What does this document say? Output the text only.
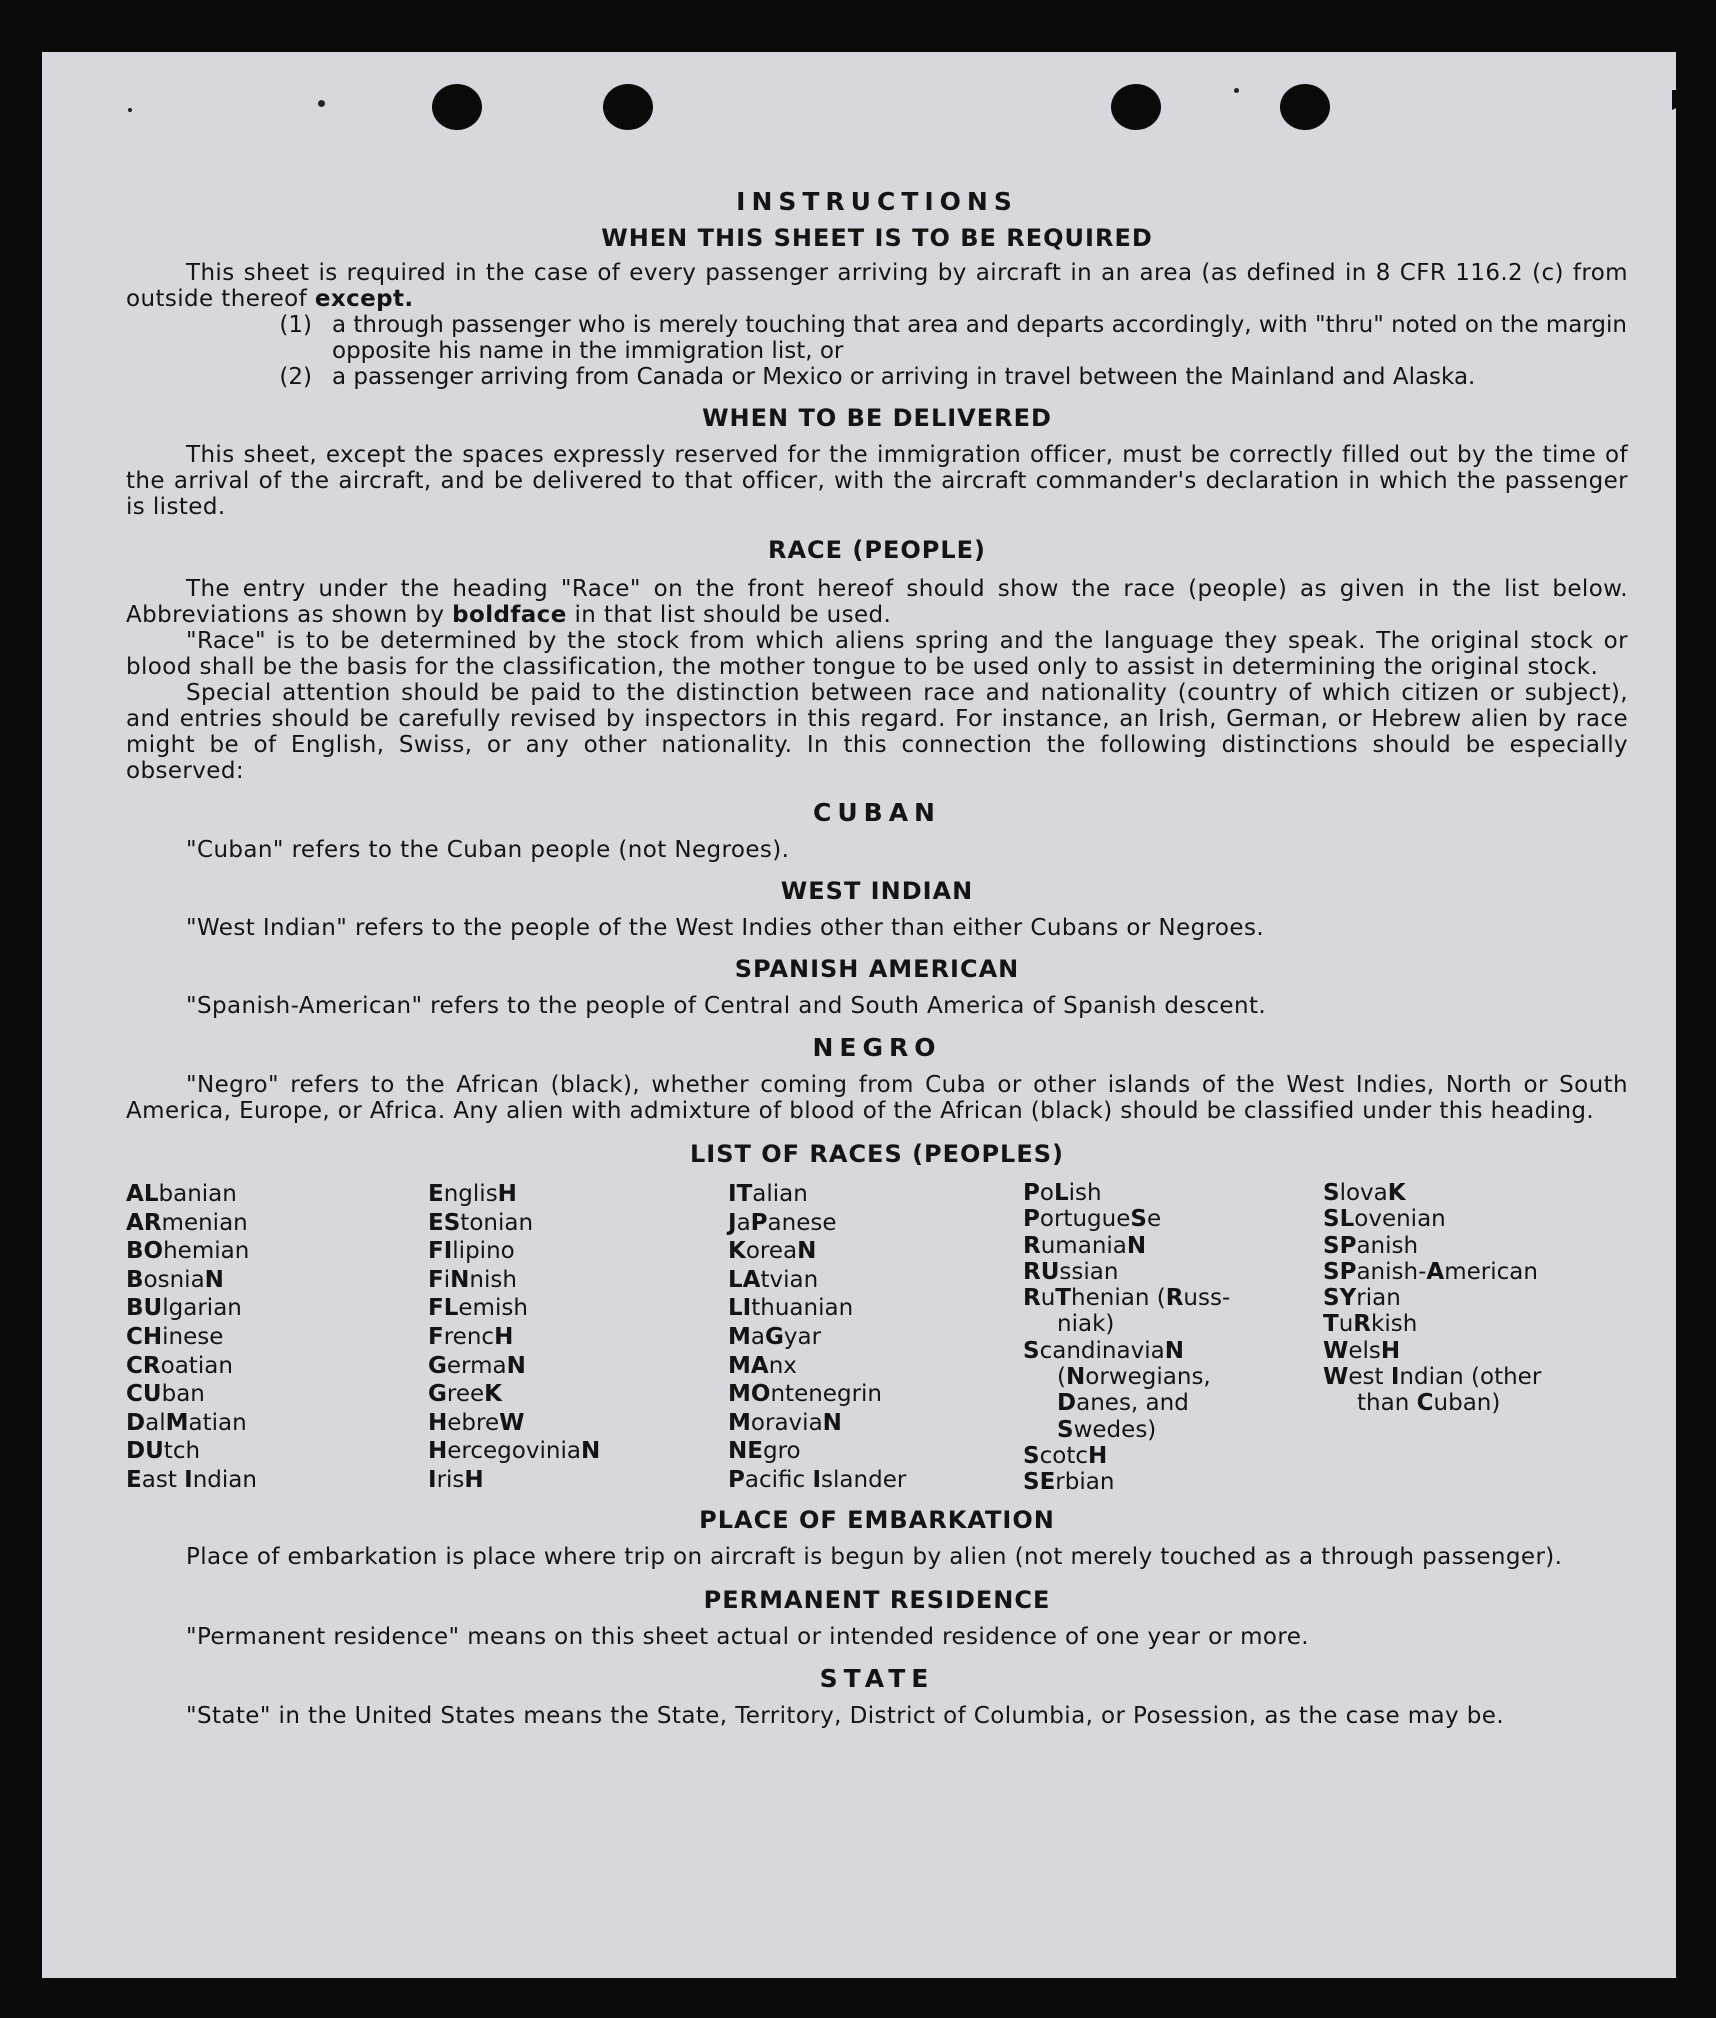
INSTRUCTIONS
WHEN THIS SHEET IS TO BE REQUIRED

This sheet is required in the case of every passenger arriving by aircraft in an area (as defined in 8 CFR 116.2 (c) from outside thereof except.

(1) a through passenger who is merely touching that area and departs accordingly, with "thru" noted on the margin opposite his name in the immigration list, or
(2) a passenger arriving from Canada or Mexico or arriving in travel between the Mainland and Alaska.
WHEN TO BE DELIVERED

This sheet, except the spaces expressly reserved for the immigration officer, must be correctly filled out by the time of the arrival of the aircraft, and be delivered to that officer, with the aircraft commander's declaration in which the passenger is listed.

RACE (PEOPLE)

The entry under the heading "Race" on the front hereof should show the race (people) as given in the list below. Abbreviations as shown by boldface in that list should be used.

"Race" is to be determined by the stock from which aliens spring and the language they speak. The original stock or blood shall be the basis for the classification, the mother tongue to be used only to assist in determining the original stock.

Special attention should be paid to the distinction between race and nationality (country of which citizen or subject), and entries should be carefully revised by inspectors in this regard. For instance, an Irish, German, or Hebrew alien by race might be of English, Swiss, or any other nationality. In this connection the following distinctions should be especially observed:

CUBAN

"Cuban" refers to the Cuban people (not Negroes).

WEST INDIAN

"West Indian" refers to the people of the West Indies other than either Cubans or Negroes.

SPANISH AMERICAN

"Spanish-American" refers to the people of Central and South America of Spanish descent.

NEGRO

"Negro" refers to the African (black), whether coming from Cuba or other islands of the West Indies, North or South America, Europe, or Africa. Any alien with admixture of blood of the African (black) should be classified under this heading.

LIST OF RACES (PEOPLES)
ALbanian
ARmenian
BOhemian
BosniaN
BUlgarian
CHinese
CRoatian
CUban
DalMatian
DUtch
East Indian
EnglisH
EStonian
FIlipino
FiNnish
FLemish
FrencH
GermaN
GreeK
HebreW
HercegoviniaN
IrisH
ITalian
JaPanese
KoreaN
LAtvian
LIthuanian
MaGyar
MAnx
MOntenegrin
MoraviaN
NEgro
Pacifc Islander
PoLish
PortugueSe
RumaniaN
RUssian
RuThenian (Russ-
niak)
ScandinaviaN
(Norwegians,
Danes, and
Swedes)
ScotcH
SErbian
SlovaK
SLovenian
SPanish
SPanish-American
SYrian
TuRkish
WelsH
West Indian (other
than Cuban)
PLACE OF EMBARKATION

Place of embarkation is place where trip on aircraft is begun by alien (not merely touched as a through passenger).

PERMANENT RESIDENCE

"Permanent residence" means on this sheet actual or intended residence of one year or more.

STATE

"State" in the United States means the State, Territory, District of Columbia, or Posession, as the case may be.
